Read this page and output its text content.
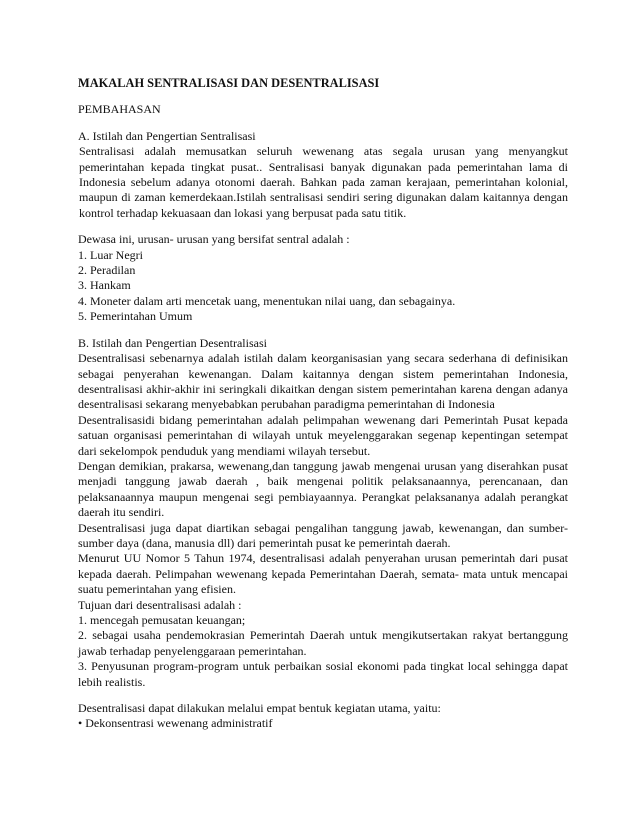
MAKALAH SENTRALISASI DAN DESENTRALISASI
PEMBAHASAN
A. Istilah dan Pengertian Sentralisasi

Sentralisasi adalah memusatkan seluruh wewenang atas segala urusan yang menyangkut pemerintahan kepada tingkat pusat.. Sentralisasi banyak digunakan pada pemerintahan lama di Indonesia sebelum adanya otonomi daerah. Bahkan pada zaman kerajaan, pemerintahan kolonial, maupun di zaman kemerdekaan.Istilah sentralisasi sendiri sering digunakan dalam kaitannya dengan kontrol terhadap kekuasaan dan lokasi yang berpusat pada satu titik.

Dewasa ini, urusan- urusan yang bersifat sentral adalah :
1. Luar Negri
2. Peradilan
3. Hankam
4. Moneter dalam arti mencetak uang, menentukan nilai uang, dan sebagainya.
5. Pemerintahan Umum
B. Istilah dan Pengertian Desentralisasi

Desentralisasi sebenarnya adalah istilah dalam keorganisasian yang secara sederhana di definisikan sebagai penyerahan kewenangan. Dalam kaitannya dengan sistem pemerintahan Indonesia, desentralisasi akhir-akhir ini seringkali dikaitkan dengan sistem pemerintahan karena dengan adanya desentralisasi sekarang menyebabkan perubahan paradigma pemerintahan di Indonesia

Desentralisasidi bidang pemerintahan adalah pelimpahan wewenang dari Pemerintah Pusat kepada satuan organisasi pemerintahan di wilayah untuk meyelenggarakan segenap kepentingan setempat dari sekelompok penduduk yang mendiami wilayah tersebut.

Dengan demikian, prakarsa, wewenang,dan tanggung jawab mengenai urusan yang diserahkan pusat menjadi tanggung jawab daerah , baik mengenai politik pelaksanaannya, perencanaan, dan pelaksanaannya maupun mengenai segi pembiayaannya. Perangkat pelaksananya adalah perangkat daerah itu sendiri.

Desentralisasi juga dapat diartikan sebagai pengalihan tanggung jawab, kewenangan, dan sumber-sumber daya (dana, manusia dll) dari pemerintah pusat ke pemerintah daerah.

Menurut UU Nomor 5 Tahun 1974, desentralisasi adalah penyerahan urusan pemerintah dari pusat kepada daerah. Pelimpahan wewenang kepada Pemerintahan Daerah, semata- mata untuk mencapai suatu pemerintahan yang efisien.

Tujuan dari desentralisasi adalah :

1. mencegah pemusatan keuangan;

2. sebagai usaha pendemokrasian Pemerintah Daerah untuk mengikutsertakan rakyat bertanggung jawab terhadap penyelenggaraan pemerintahan.

3. Penyusunan program-program untuk perbaikan sosial ekonomi pada tingkat local sehingga dapat lebih realistis.

Desentralisasi dapat dilakukan melalui empat bentuk kegiatan utama, yaitu:
• Dekonsentrasi wewenang administratif
